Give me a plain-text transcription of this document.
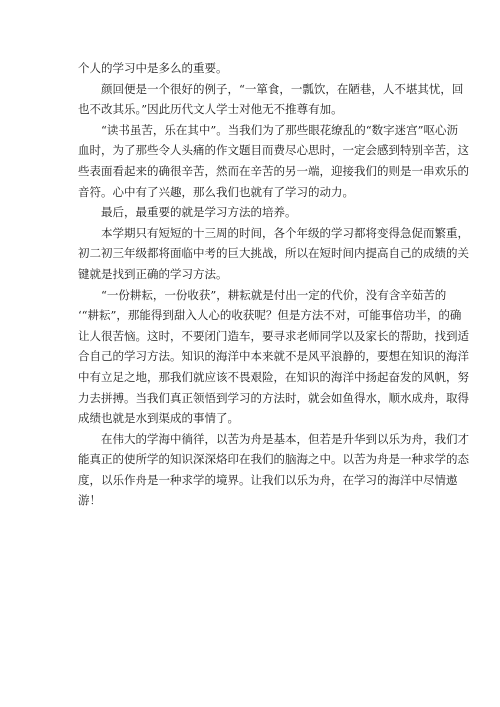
个人的学习中是多么的重要。

颜回便是一个很好的例子，“一箪食，一瓢饮，在陋巷，人不堪其忧，回

也不改其乐。”因此历代文人学士对他无不推尊有加。

“读书虽苦，乐在其中”。当我们为了那些眼花缭乱的“数字迷宫”呕心沥

血时，为了那些令人头痛的作文题目而费尽心思时，一定会感到特别辛苦，这

些表面看起来的确很辛苦，然而在辛苦的另一端，迎接我们的则是一串欢乐的

音符。心中有了兴趣，那么我们也就有了学习的动力。

最后，最重要的就是学习方法的培养。

本学期只有短短的十三周的时间，各个年级的学习都将变得急促而繁重，

初二初三年级都将面临中考的巨大挑战，所以在短时间内提高自己的成绩的关

键就是找到正确的学习方法。

“一份耕耘，一份收获”，耕耘就是付出一定的代价，没有含辛茹苦的

‘“耕耘”，那能得到甜入人心的收获呢？但是方法不对，可能事倍功半，的确

让人很苦恼。这时，不要闭门造车，要寻求老师同学以及家长的帮助，找到适

合自己的学习方法。知识的海洋中本来就不是风平浪静的，要想在知识的海洋

中有立足之地，那我们就应该不畏艰险，在知识的海洋中扬起奋发的风帆，努

力去拼搏。当我们真正领悟到学习的方法时，就会如鱼得水，顺水成舟，取得

成绩也就是水到渠成的事情了。

在伟大的学海中徜徉，以苦为舟是基本，但若是升华到以乐为舟，我们才

能真正的使所学的知识深深烙印在我们的脑海之中。以苦为舟是一种求学的态

度，以乐作舟是一种求学的境界。让我们以乐为舟，在学习的海洋中尽情遨

游！
